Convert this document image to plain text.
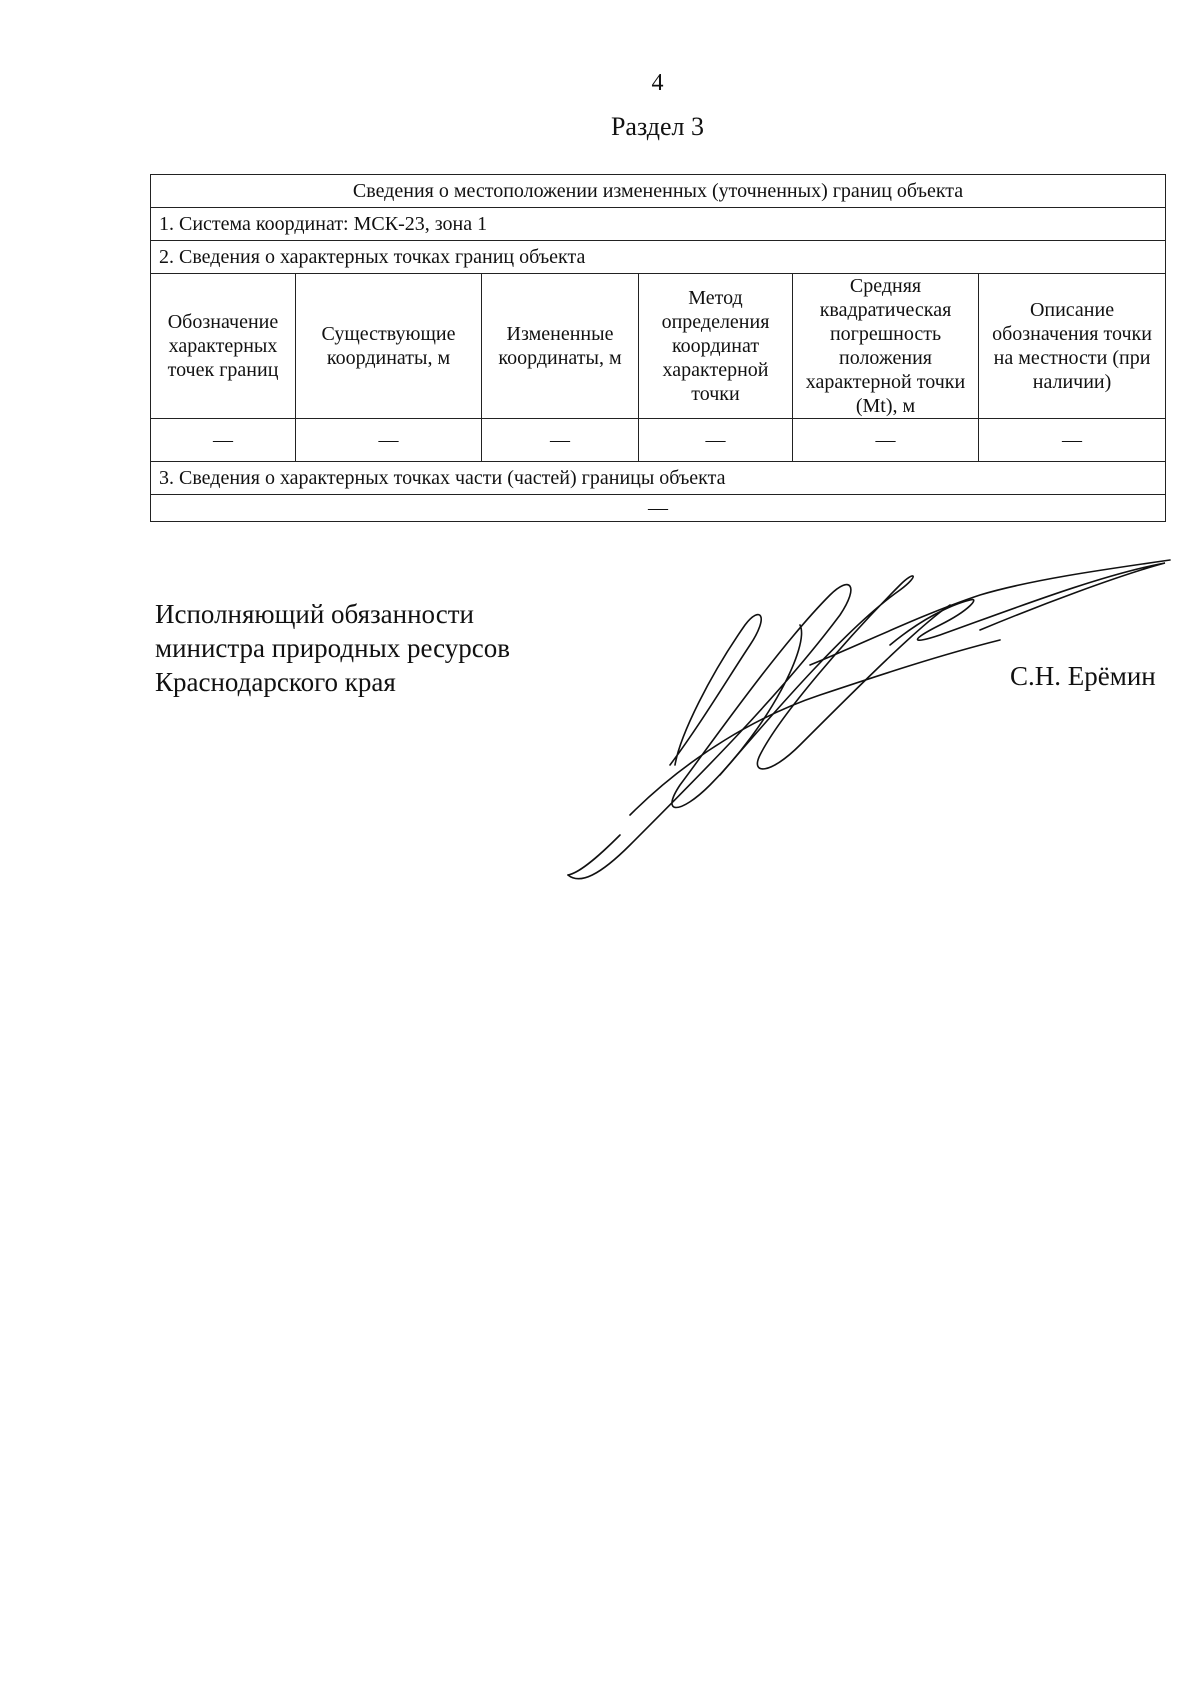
4
Раздел 3
Сведения о местоположении измененных (уточненных) границ объекта					
1. Система координат: МСК-23, зона 1					
2. Сведения о характерных точках границ объекта					
Обозначение характерных точек границ	Существующие координаты, м	Измененные координаты, м	Метод определения координат характерной точки	Средняя квадратическая погрешность положения характерной точки (Mt), м	Описание обозначения точки на местности (при наличии)
—	—	—	—	—	—
3. Сведения о характерных точках части (частей) границы объекта					
—					
Исполняющий обязанности
министра природных ресурсов
Краснодарского края	С.Н. Ерёмин
